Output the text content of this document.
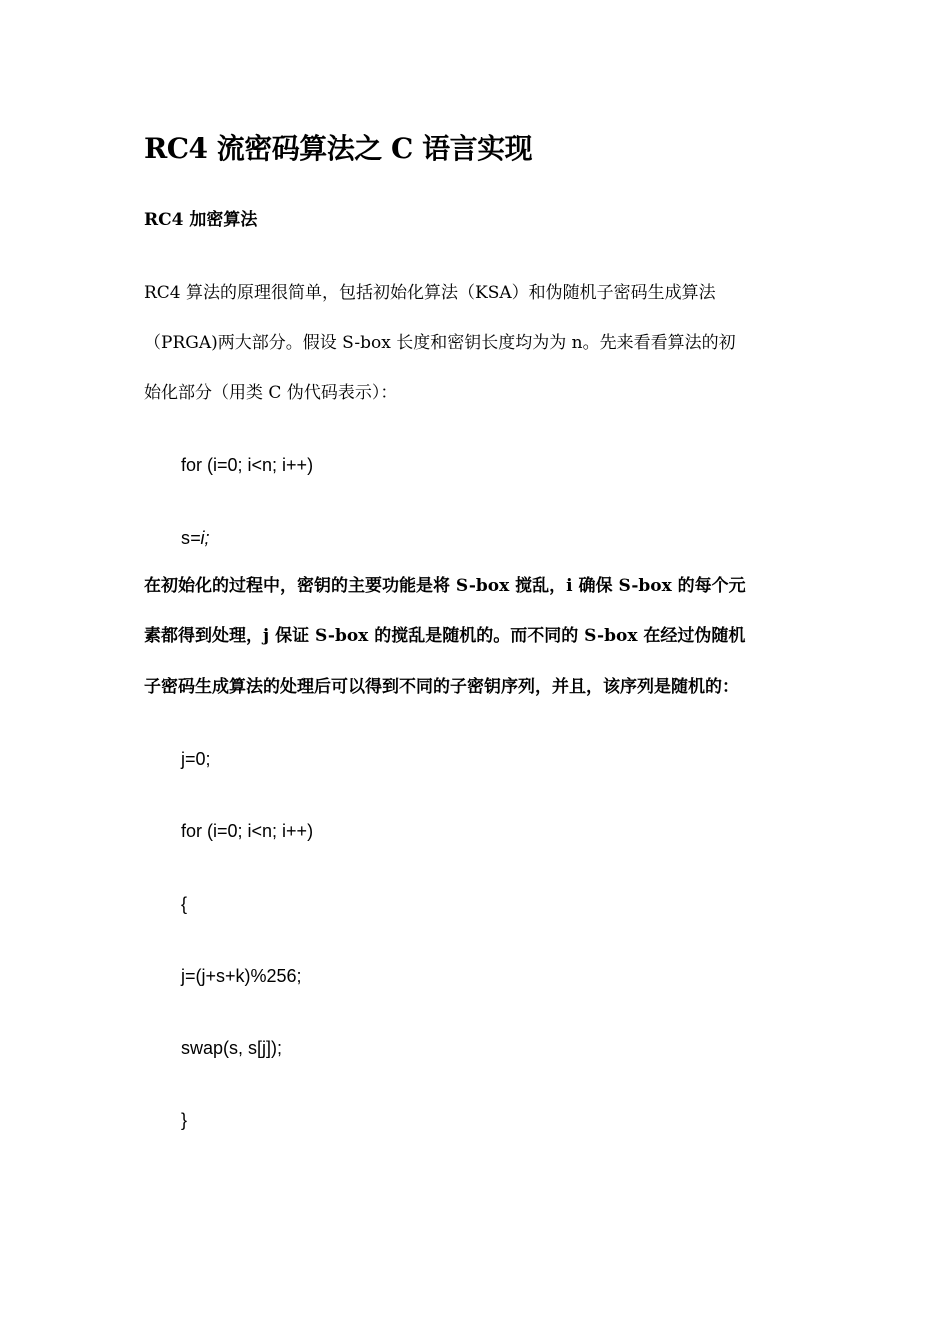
RC4 流密码算法之 C 语言实现
RC4 加密算法
RC4 算法的原理很简单，包括初始化算法（KSA）和伪随机子密码生成算法
（PRGA)两大部分。假设 S-box 长度和密钥长度均为为 n。先来看看算法的初
始化部分（用类 C 伪代码表示）：
for (i=0; i<n; i++)
s=i;
在初始化的过程中，密钥的主要功能是将 S-box 搅乱，i 确保 S-box 的每个元
素都得到处理，j 保证 S-box 的搅乱是随机的。而不同的 S-box 在经过伪随机
子密码生成算法的处理后可以得到不同的子密钥序列，并且，该序列是随机的：
j=0;
for (i=0; i<n; i++)
{
j=(j+s+k)%256;
swap(s, s[j]);
}
